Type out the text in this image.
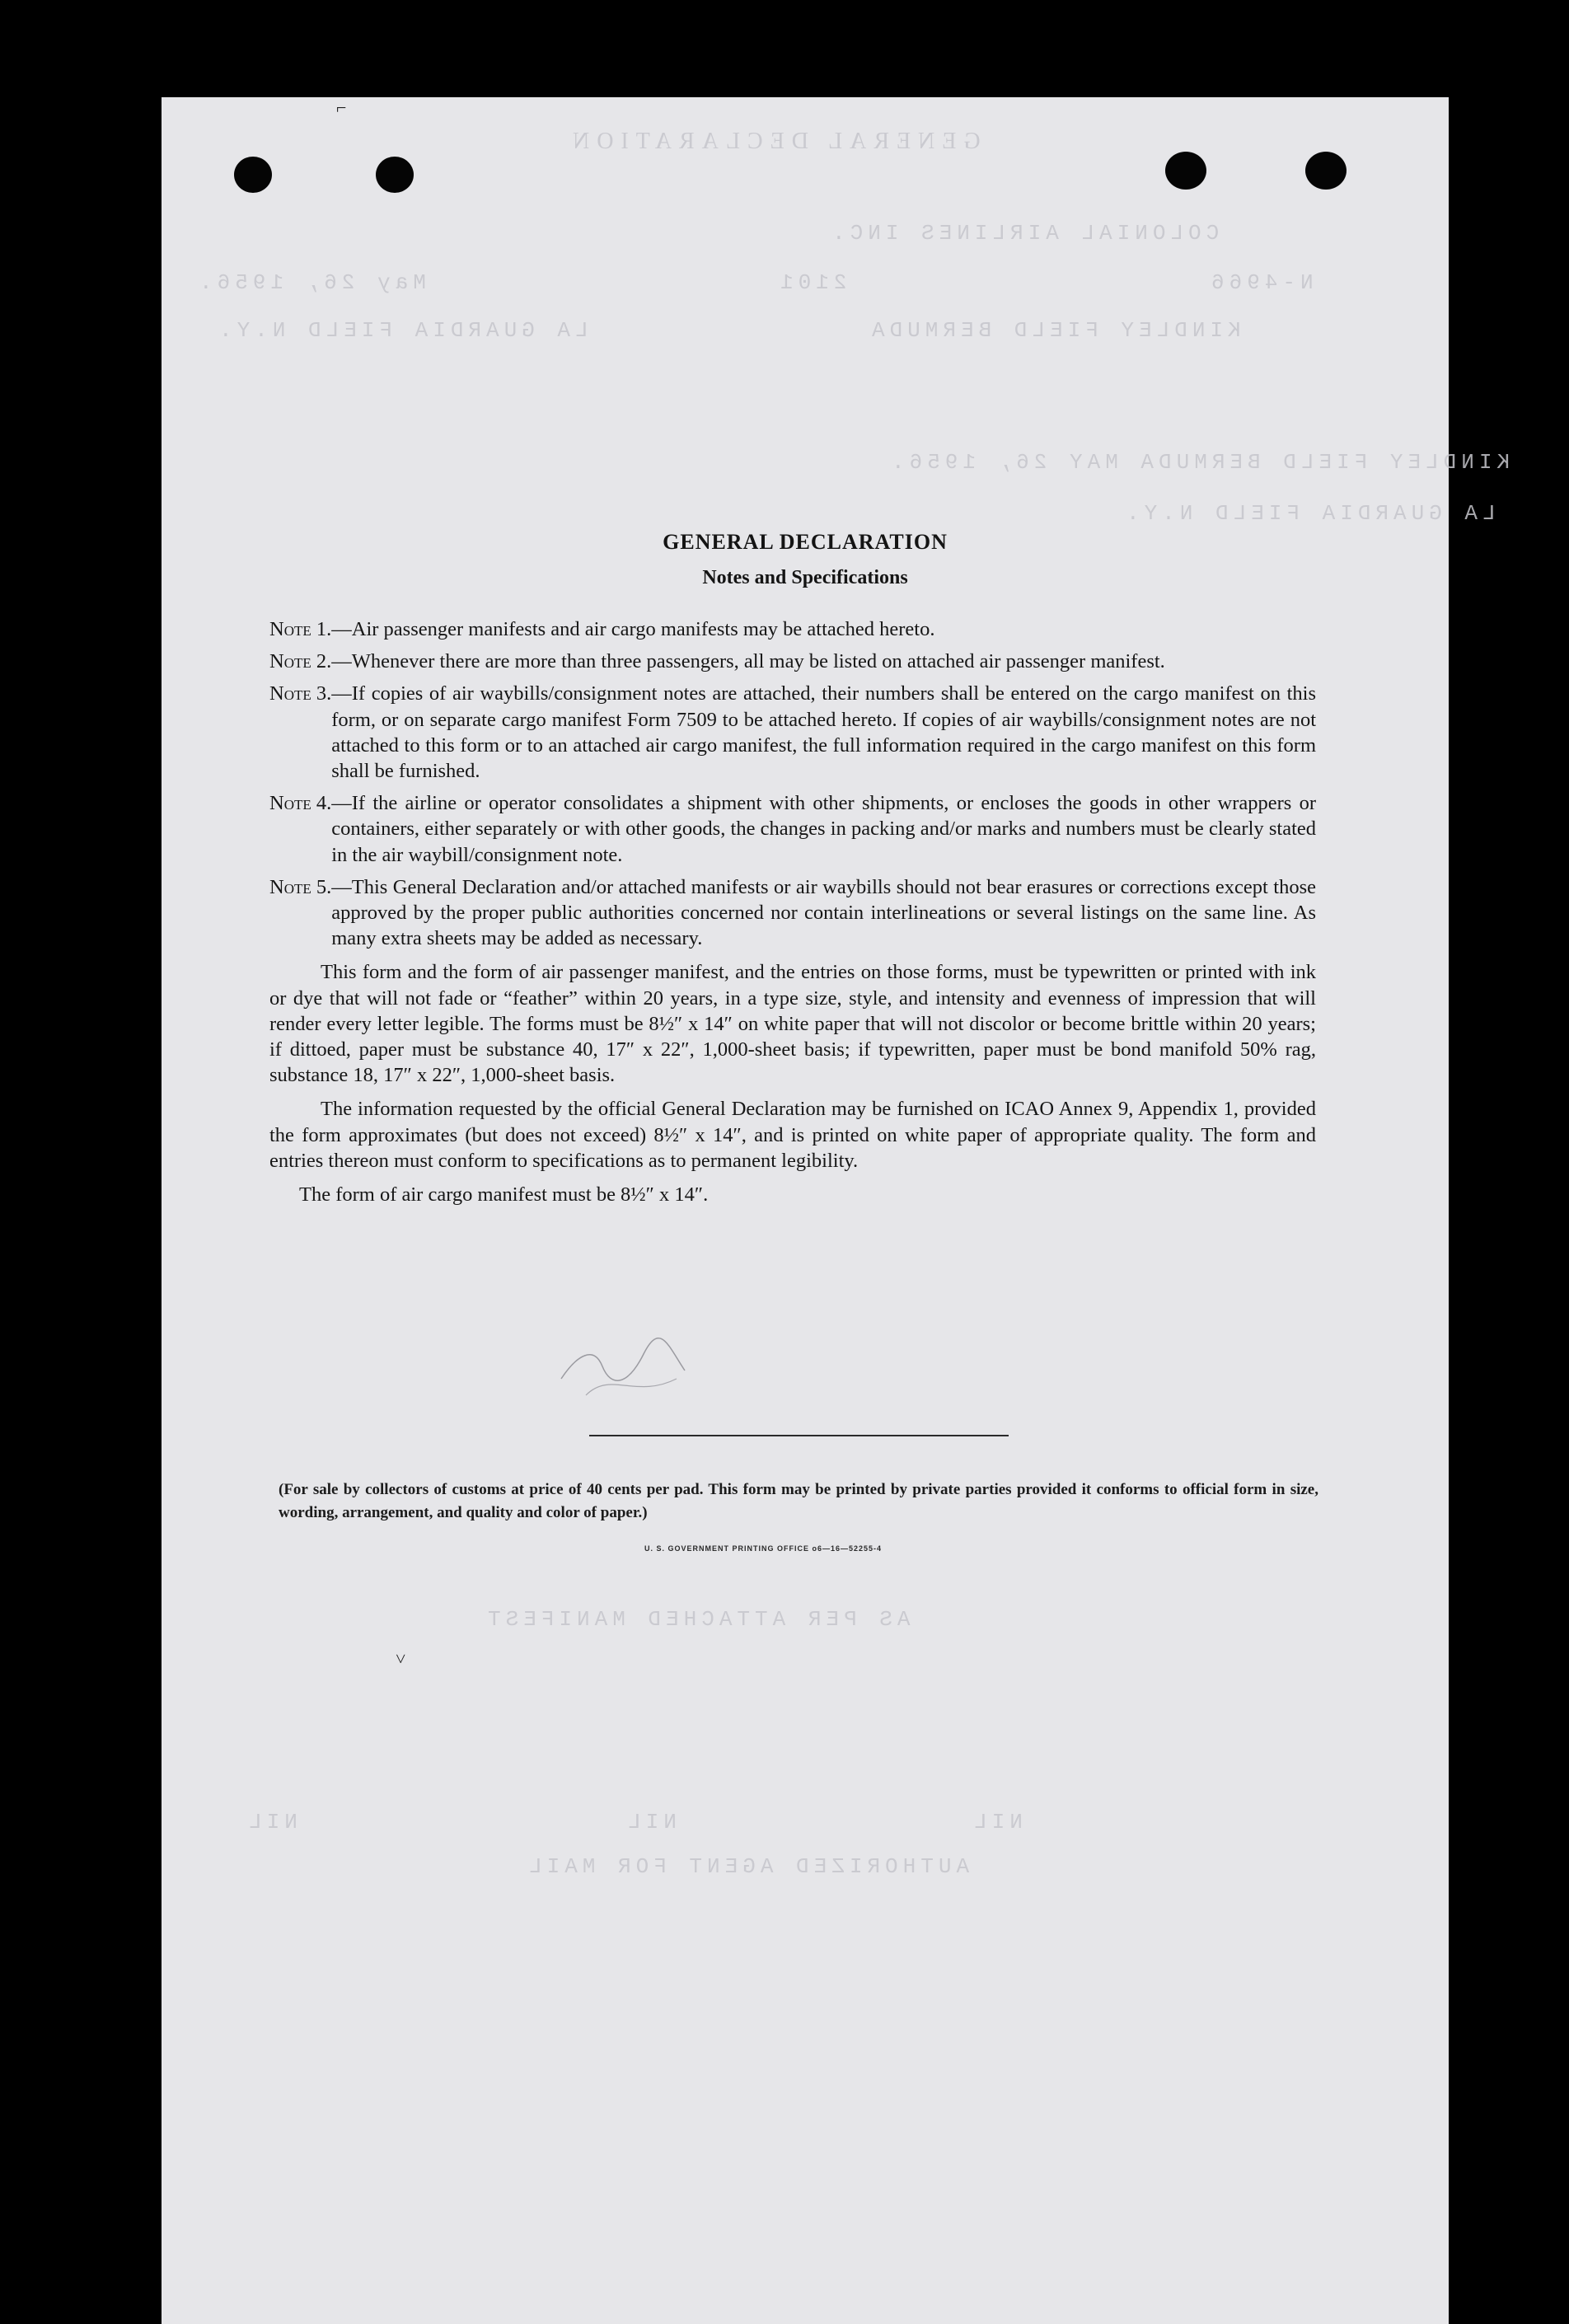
GENERAL DECLARATION
COLONIAL AIRLINES INC.
N-4966
2101
May 26, 1956.
KINDLEY FIELD BERMUDA
LA GUARDIA FIELD N.Y.
KINDLEY FIELD BERMUDA MAY 26, 1956.
LA GUARDIA FIELD N.Y.
AS PER ATTACHED MANIFEST
NIL
NIL
NIL
AUTHORIZED AGENT FOR MAIL
⌐
˅
GENERAL DECLARATION
Notes and Specifications
Note 1. —Air passenger manifests and air cargo manifests may be attached hereto.
Note 2. —Whenever there are more than three passengers, all may be listed on attached air passenger manifest.
Note 3. —If copies of air waybills/consignment notes are attached, their numbers shall be entered on the cargo manifest on this form, or on separate cargo manifest Form 7509 to be attached hereto. If copies of air waybills/consignment notes are not attached to this form or to an attached air cargo manifest, the full information required in the cargo manifest on this form shall be furnished.
Note 4. —If the airline or operator consolidates a shipment with other shipments, or encloses the goods in other wrappers or containers, either separately or with other goods, the changes in packing and/or marks and numbers must be clearly stated in the air waybill/consignment note.
Note 5. —This General Declaration and/or attached manifests or air waybills should not bear erasures or corrections except those approved by the proper public authorities concerned nor contain interlineations or several listings on the same line. As many extra sheets may be added as necessary.

This form and the form of air passenger manifest, and the entries on those forms, must be typewritten or printed with ink or dye that will not fade or “feather” within 20 years, in a type size, style, and intensity and evenness of impression that will render every letter legible. The forms must be 8½″ x 14″ on white paper that will not discolor or become brittle within 20 years; if dittoed, paper must be substance 40, 17″ x 22″, 1,000-sheet basis; if typewritten, paper must be bond manifold 50% rag, substance 18, 17″ x 22″, 1,000-sheet basis.

The information requested by the official General Declaration may be furnished on ICAO Annex 9, Appendix 1, provided the form approximates (but does not exceed) 8½″ x 14″, and is printed on white paper of appropriate quality. The form and entries thereon must conform to specifications as to permanent legibility.

The form of air cargo manifest must be 8½″ x 14″.

(For sale by collectors of customs at price of 40 cents per pad. This form may be printed by private parties provided it conforms to official form in size, wording, arrangement, and quality and color of paper.)
U. S. GOVERNMENT PRINTING OFFICE o6—16—52255-4
